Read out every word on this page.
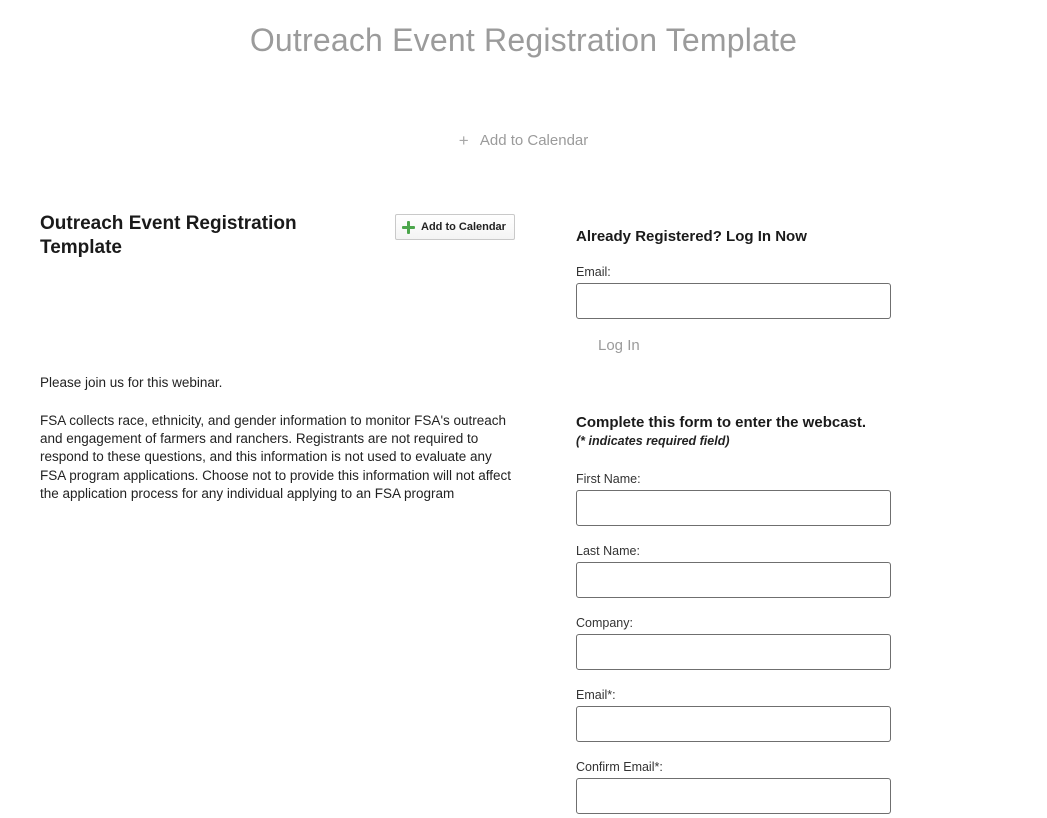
Outreach Event Registration Template
+ Add to Calendar
Outreach Event Registration Template
Add to Calendar
Please join us for this webinar.
FSA collects race, ethnicity, and gender information to monitor FSA's outreach and engagement of farmers and ranchers. Registrants are not required to respond to these questions, and this information is not used to evaluate any FSA program applications. Choose not to provide this information will not affect the application process for any individual applying to an FSA program
Already Registered? Log In Now
Email:
Log In
Complete this form to enter the webcast.
(* indicates required field)
First Name:
Last Name:
Company:
Email*:
Confirm Email*:
